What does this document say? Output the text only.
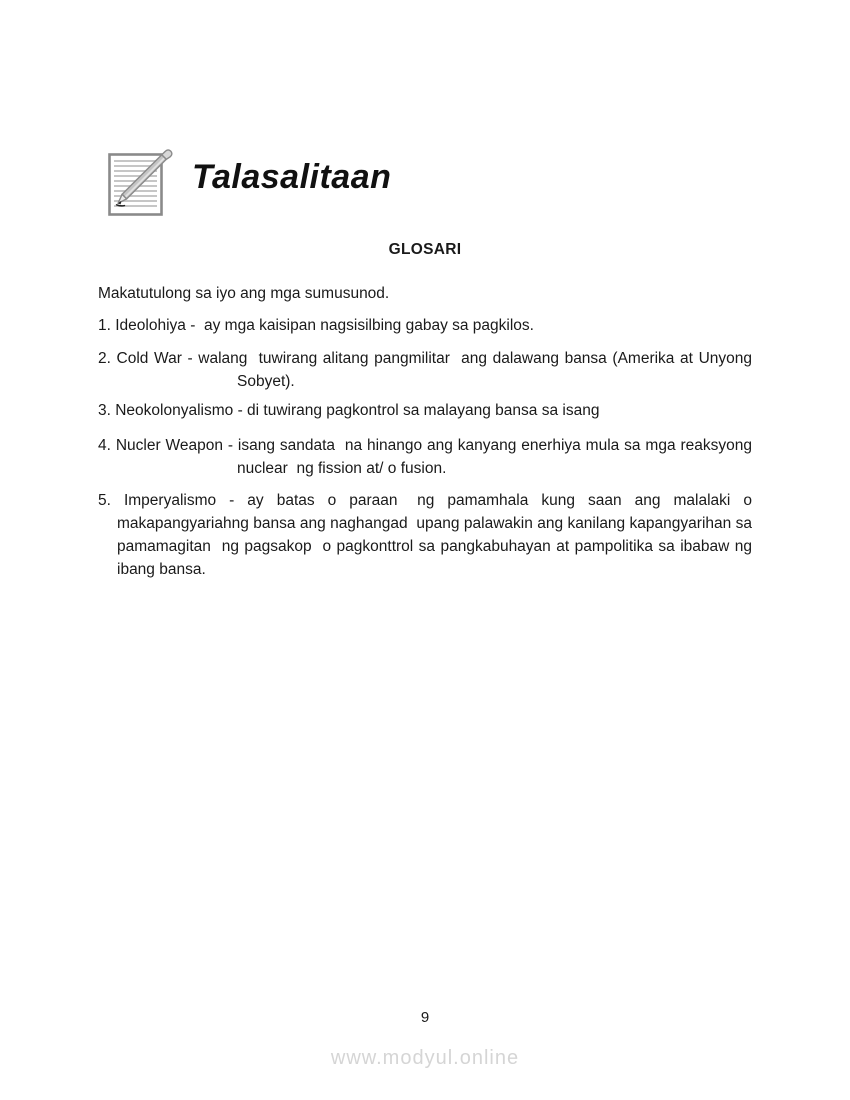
Talasalitaan
GLOSARI

Makatutulong sa iyo ang mga sumusunod.

1. Ideolohiya -  ay mga kaisipan nagsisilbing gabay sa pagkilos.
2. Cold War - walang  tuwirang alitang pangmilitar  ang dalawang bansa (Amerika at Unyong
Sobyet).
3. Neokolonyalismo - di tuwirang pagkontrol sa malayang bansa sa isang
4. Nucler Weapon - isang sandata  na hinango ang kanyang enerhiya mula sa mga reaksyong
nuclear  ng fission at/ o fusion.
5.  Imperyalismo  -  ay  batas  o  paraan   ng  pamamhala  kung  saan  ang  malalaki  o
makapangyariahng bansa ang naghangad  upang palawakin ang kanilang kapangyarihan sa
pamamagitan  ng pagsakop  o pagkonttrol sa pangkabuhayan at pampolitika sa ibabaw ng
ibang bansa.
9
www.modyul.online
